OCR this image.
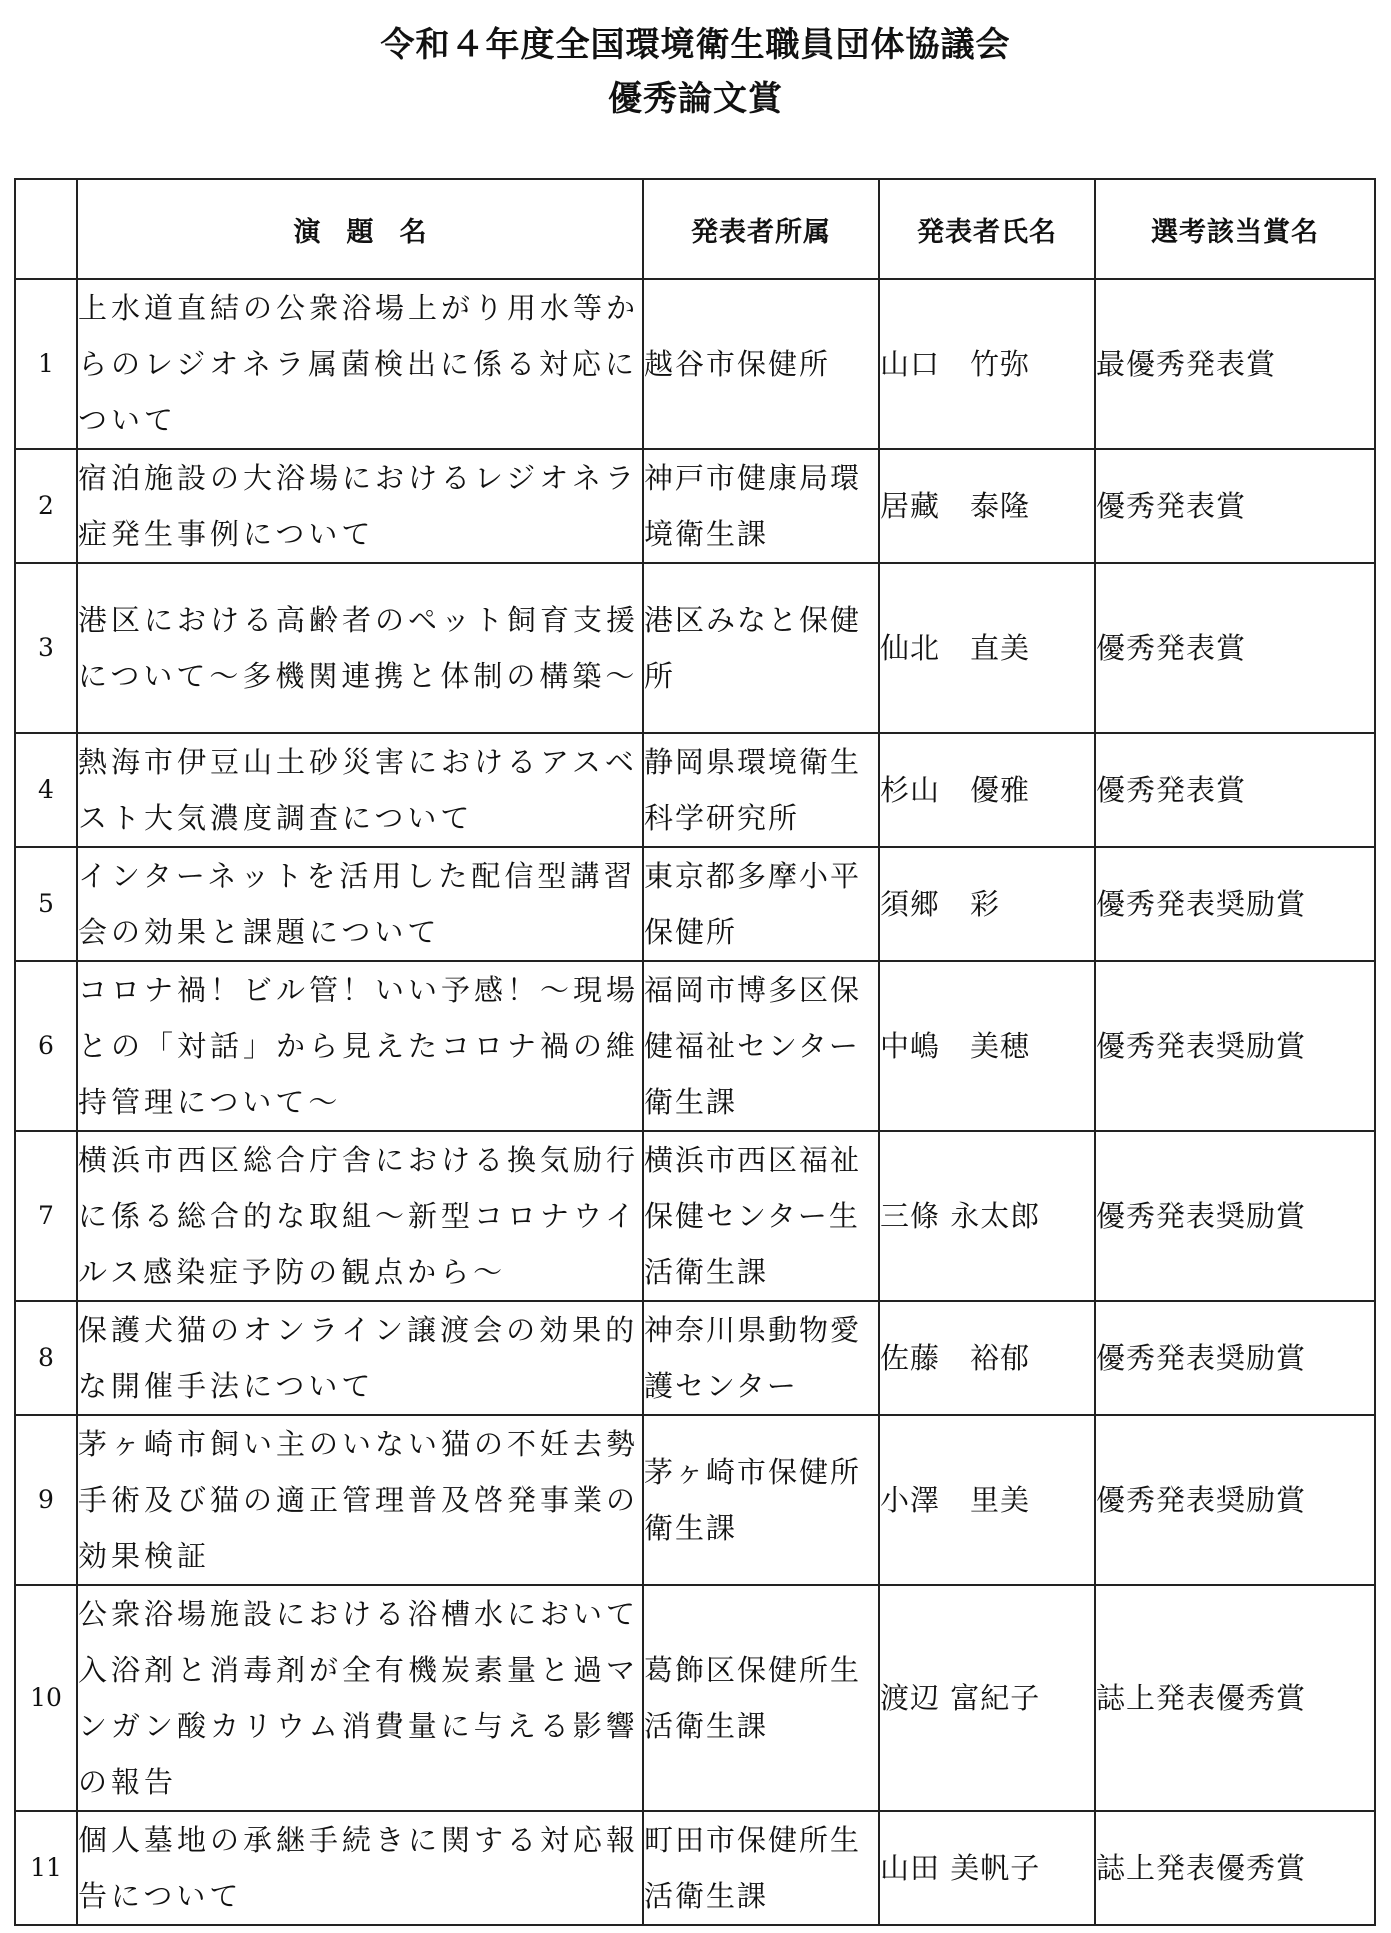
令和４年度全国環境衛生職員団体協議会
優秀論文賞
	演題名	発表者所属	発表者氏名	選考該当賞名
1	上水道直結の公衆浴場上がり用水等からのレジオネラ属菌検出に係る対応について	越谷市保健所	山口　竹弥	最優秀発表賞
2	宿泊施設の大浴場におけるレジオネラ症発生事例について	神戸市健康局環境衛生課	居藏　泰隆	優秀発表賞
3	港区における高齢者のペット飼育支援について～多機関連携と体制の構築～	港区みなと保健所	仙北　直美	優秀発表賞
4	熱海市伊豆山土砂災害におけるアスベスト大気濃度調査について	静岡県環境衛生科学研究所	杉山　優雅	優秀発表賞
5	インターネットを活用した配信型講習会の効果と課題について	東京都多摩小平保健所	須郷　彩	優秀発表奨励賞
6	コロナ禍！ビル管！いい予感！～現場との「対話」から見えたコロナ禍の維持管理について～	福岡市博多区保健福祉センター衛生課	中嶋　美穂	優秀発表奨励賞
7	横浜市西区総合庁舎における換気励行に係る総合的な取組～新型コロナウイルス感染症予防の観点から～	横浜市西区福祉保健センター生活衛生課	三條 永太郎	優秀発表奨励賞
8	保護犬猫のオンライン譲渡会の効果的な開催手法について	神奈川県動物愛護センター	佐藤　裕郁	優秀発表奨励賞
9	茅ヶ崎市飼い主のいない猫の不妊去勢手術及び猫の適正管理普及啓発事業の効果検証	茅ヶ崎市保健所衛生課	小澤　里美	優秀発表奨励賞
10	公衆浴場施設における浴槽水において入浴剤と消毒剤が全有機炭素量と過マンガン酸カリウム消費量に与える影響の報告	葛飾区保健所生活衛生課	渡辺 富紀子	誌上発表優秀賞
11	個人墓地の承継手続きに関する対応報告について	町田市保健所生活衛生課	山田 美帆子	誌上発表優秀賞
